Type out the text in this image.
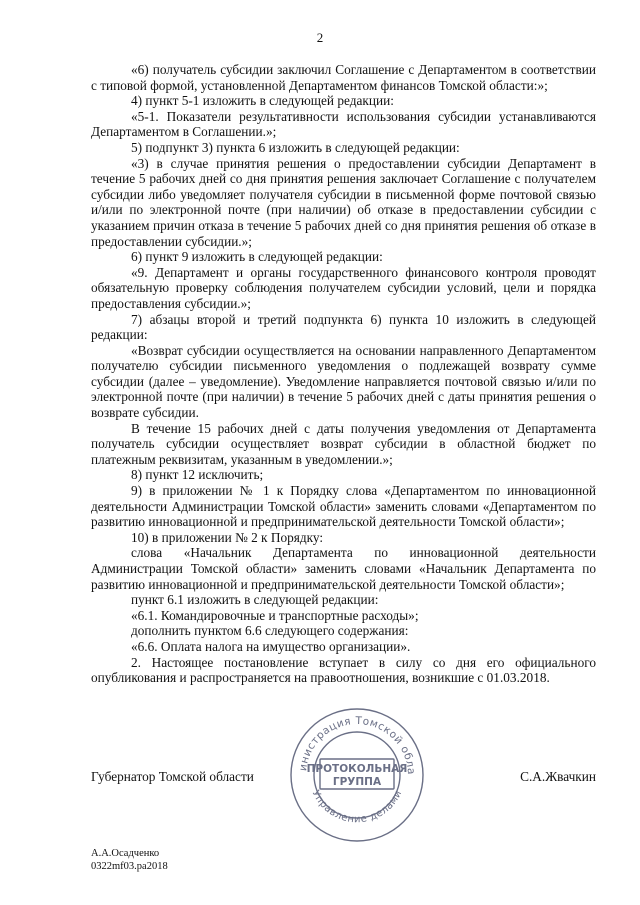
2

«6) получатель субсидии заключил Соглашение с Департаментом в соответствии с типовой формой, установленной Департаментом финансов Томской области:»;

4) пункт 5-1 изложить в следующей редакции:

«5-1. Показатели результативности использования субсидии устанавливаются Департаментом в Соглашении.»;

5) подпункт 3) пункта 6 изложить в следующей редакции:

«3) в случае принятия решения о предоставлении субсидии Департамент в течение 5 рабочих дней со дня принятия решения заключает Соглашение с получателем субсидии либо уведомляет получателя субсидии в письменной форме почтовой связью и/или по электронной почте (при наличии) об отказе в предоставлении субсидии с указанием причин отказа в течение 5 рабочих дней со дня принятия решения об отказе в предоставлении субсидии.»;

6) пункт 9 изложить в следующей редакции:

«9. Департамент и органы государственного финансового контроля проводят обязательную проверку соблюдения получателем субсидии условий, цели и порядка предоставления субсидии.»;

7) абзацы второй и третий подпункта 6) пункта 10 изложить в следующей редакции:

«Возврат субсидии осуществляется на основании направленного Департаментом получателю субсидии письменного уведомления о подлежащей возврату сумме субсидии (далее – уведомление). Уведомление направляется почтовой связью и/или по электронной почте (при наличии) в течение 5 рабочих дней с даты принятия решения о возврате субсидии.

В течение 15 рабочих дней с даты получения уведомления от Департамента получатель субсидии осуществляет возврат субсидии в областной бюджет по платежным реквизитам, указанным в уведомлении.»;

8) пункт 12 исключить;

9) в приложении № 1 к Порядку слова «Департаментом по инновационной деятельности Администрации Томской области» заменить словами «Департаментом по развитию инновационной и предпринимательской деятельности Томской области»;

10) в приложении № 2 к Порядку:

слова «Начальник Департамента по инновационной деятельности Администрации Томской области» заменить словами «Начальник Департамента по развитию инновационной и предпринимательской деятельности Томской области»;

пункт 6.1 изложить в следующей редакции:

«6.1. Командировочные и транспортные расходы»;

дополнить пунктом 6.6 следующего содержания:

«6.6. Оплата налога на имущество организации».

2. Настоящее постановление вступает в силу со дня его официального опубликования и распространяется на правоотношения, возникшие с 01.03.2018.

Губернатор Томской области	С.А.Жвачкин
инистрация Томской обла
Управление делами
ПРОТОКОЛЬНАЯ
ГРУППА
А.А.Осадченко
0322mf03.pa2018
